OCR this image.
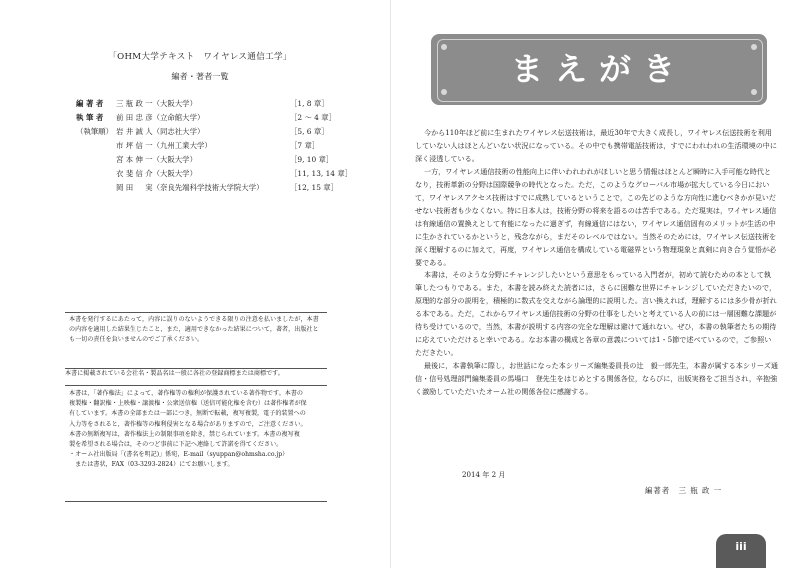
「OHM大学テキスト　ワイヤレス通信工学」
編者・著者一覧
編 著 者	三 瓶 政 一（大阪大学）	［1, 8 章］
執 筆 者	前 田 忠 彦（立命館大学）	［2 ～ 4 章］
（執筆順） 岩 井 誠 人（同志社大学）	［5, 6 章］
市 坪 信 一（九州工業大学）	［7 章］
宮 本 伸 一（大阪大学）	［9, 10 章］
衣 斐 信 介（大阪大学）	［11, 13, 14 章］
岡 田 　 実（奈良先端科学技術大学院大学）	［12, 15 章］

本書を発行するにあたって，内容に誤りのないようできる限りの注意を払いましたが，本書の内容を適用した結果生じたこと，また，適用できなかった結果について，著者，出版社とも一切の責任を負いませんのでご了承ください。

本書に掲載されている会社名・製品名は一般に各社の登録商標または商標です。

本書は，「著作権法」によって，著作権等の権利が保護されている著作物です。本書の

複製権・翻訳権・上映権・譲渡権・公衆送信権（送信可能化権を含む）は著作権者が保

有しています。本書の全部または一部につき，無断で転載，複写複製，電子的装置への

入力等をされると，著作権等の権利侵害となる場合がありますので，ご注意ください。

本書の無断複写は，著作権法上の制限事項を除き，禁じられています。本書の複写複

製を希望される場合は，そのつど事前に下記へ連絡して許諾を得てください。

・オーム社出版局「(書名を明記)」係宛，E-mail（syuppan@ohmsha.co.jp）

　または書状，FAX（03-3293-2824）にてお願いします。

まえがき

今から110年ほど前に生まれたワイヤレス伝送技術は，最近30年で大きく成長し，ワイヤレス伝送技術を利用していない人はほとんどいない状況になっている。その中でも携帯電話技術は，すでにわれわれの生活環境の中に深く浸透している。

一方，ワイヤレス通信技術の性能向上に伴いわれわれがほしいと思う情報はほとんど瞬時に入手可能な時代となり，技術革新の分野は国際競争の時代となった。ただ，このようなグローバル市場が拡大している今日において，ワイヤレスアクセス技術はすでに成熟しているということで，この先どのような方向性に進むべきかが見いだせない技術者も少なくない。特に日本人は，技術分野の将来を語るのは苦手である。ただ現実は，ワイヤレス通信は有線通信の置換えとして有能になったに過ぎず，有線通信にはない，ワイヤレス通信固有のメリットが生活の中に生かされているかというと，残念ながら，まだそのレベルではない。当然そのためには，ワイヤレス伝送技術を深く理解するのに加えて，再度，ワイヤレス通信を構成している電磁界という物理現象と真剣に向き合う覚悟が必要である。

本書は，そのような分野にチャレンジしたいという意思をもっている入門者が，初めて読むための本として執筆したつもりである。また，本書を読み終えた読者には，さらに困難な世界にチャレンジしていただきたいので，原理的な部分の説明を，積極的に数式を交えながら論理的に説明した。言い換えれば，理解するには多少骨が折れる本である。ただ，これからワイヤレス通信技術の分野の仕事をしたいと考えている人の前には一層困難な課題が待ち受けているので，当然，本書が説明する内容の完全な理解は避けて通れない。ぜひ，本書の執筆者たちの期待に応えていただけると幸いである。なお本書の構成と各章の意義については1・5節で述べているので，ご参照いただきたい。

最後に，本書執筆に際し，お世話になった本シリーズ編集委員長の辻　毅一郎先生，本書が属する本シリーズ通信・信号処理部門編集委員の馬場口　登先生をはじめとする関係各位，ならびに，出版実務をご担当され，辛抱強く激励していただいたオーム社の関係各位に感謝する。

2014 年 2 月
編著者　三 瓶 政 一
iii
